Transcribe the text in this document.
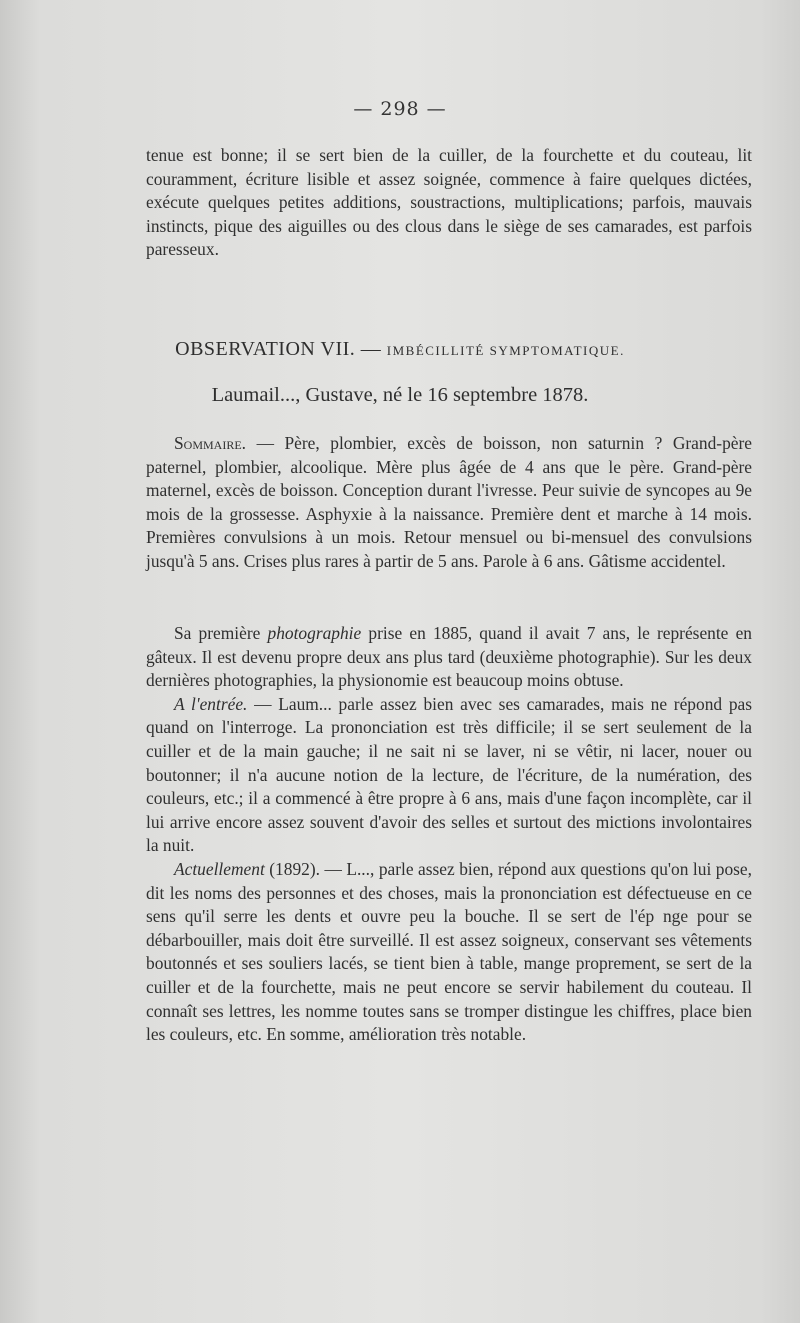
— 298 —

tenue est bonne; il se sert bien de la cuiller, de la fourchette et du couteau, lit couramment, écriture lisible et assez soignée, commence à faire quelques dictées, exécute quelques petites additions, soustractions, multiplications; parfois, mauvais instincts, pique des aiguilles ou des clous dans le siège de ses camarades, est parfois paresseux.

OBSERVATION VII. — IMBÉCILLITÉ SYMPTOMATIQUE.
Laumail..., Gustave, né le 16 septembre 1878.

Sommaire. — Père, plombier, excès de boisson, non saturnin ? Grand-père paternel, plombier, alcoolique. Mère plus âgée de 4 ans que le père. Grand-père maternel, excès de boisson. Conception durant l'ivresse. Peur suivie de syncopes au 9e mois de la grossesse. Asphyxie à la naissance. Première dent et marche à 14 mois. Premières convulsions à un mois. Retour mensuel ou bi-mensuel des convulsions jusqu'à 5 ans. Crises plus rares à partir de 5 ans. Parole à 6 ans. Gâtisme accidentel.

Sa première photographie prise en 1885, quand il avait 7 ans, le représente en gâteux. Il est devenu propre deux ans plus tard (deuxième photographie). Sur les deux dernières photographies, la physionomie est beaucoup moins obtuse.

A l'entrée. — Laum... parle assez bien avec ses camarades, mais ne répond pas quand on l'interroge. La prononciation est très difficile; il se sert seulement de la cuiller et de la main gauche; il ne sait ni se laver, ni se vêtir, ni lacer, nouer ou boutonner; il n'a aucune notion de la lecture, de l'écriture, de la numération, des couleurs, etc.; il a commencé à être propre à 6 ans, mais d'une façon incomplète, car il lui arrive encore assez souvent d'avoir des selles et surtout des mictions involontaires la nuit.

Actuellement (1892). — L..., parle assez bien, répond aux questions qu'on lui pose, dit les noms des personnes et des choses, mais la prononciation est défectueuse en ce sens qu'il serre les dents et ouvre peu la bouche. Il se sert de l'ép nge pour se débarbouiller, mais doit être surveillé. Il est assez soigneux, conservant ses vêtements boutonnés et ses souliers lacés, se tient bien à table, mange proprement, se sert de la cuiller et de la fourchette, mais ne peut encore se servir habilement du couteau. Il connaît ses lettres, les nomme toutes sans se tromper distingue les chiffres, place bien les couleurs, etc. En somme, amélioration très notable.
